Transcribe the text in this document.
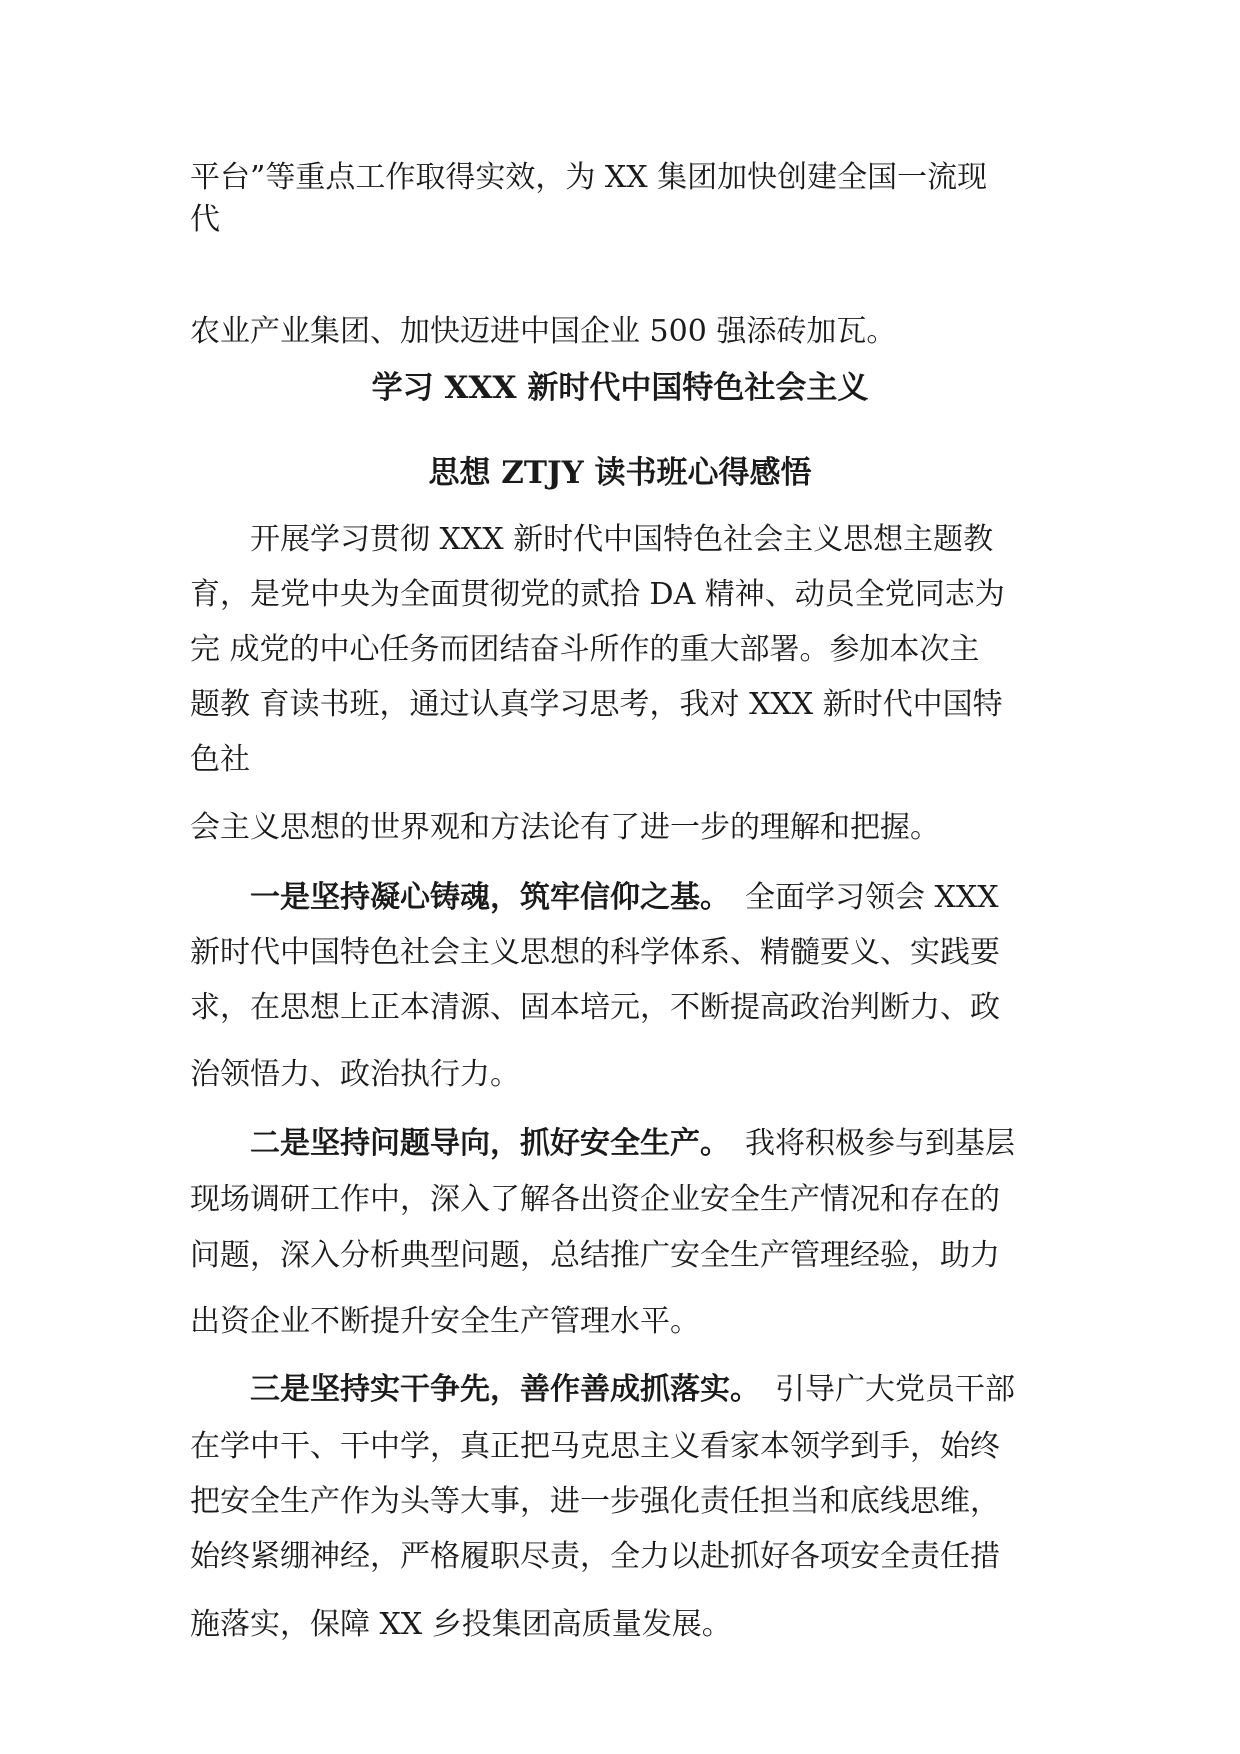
平台”等重点工作取得实效，为 XX 集团加快创建全国一流现

代

农业产业集团、加快迈进中国企业 500 强添砖加瓦。

学习 XXX 新时代中国特色社会主义
思想 ZTJY 读书班心得感悟

　　开展学习贯彻 XXX 新时代中国特色社会主义思想主题教

育，是党中央为全面贯彻党的贰拾 DA 精神、动员全党同志为

完 成党的中心任务而团结奋斗所作的重大部署。参加本次主

题教 育读书班，通过认真学习思考，我对 XXX 新时代中国特

色社

会主义思想的世界观和方法论有了进一步的理解和把握。

　　一是坚持凝心铸魂，筑牢信仰之基。　 全面学习领会 XXX

新时代中国特色社会主义思想的科学体系、精髓要义、实践要

求，在思想上正本清源、固本培元，不断提高政治判断力、政

治领悟力、政治执行力。

　　二是坚持问题导向，抓好安全生产。　 我将积极参与到基层

现场调研工作中，深入了解各出资企业安全生产情况和存在的

问题，深入分析典型问题，总结推广安全生产管理经验，助力

出资企业不断提升安全生产管理水平。

　　三是坚持实干争先，善作善成抓落实。　 引导广大党员干部

在学中干、干中学，真正把马克思主义看家本领学到手，始终

把安全生产作为头等大事，进一步强化责任担当和底线思维，

始终紧绷神经，严格履职尽责，全力以赴抓好各项安全责任措

施落实，保障 XX 乡投集团高质量发展。
